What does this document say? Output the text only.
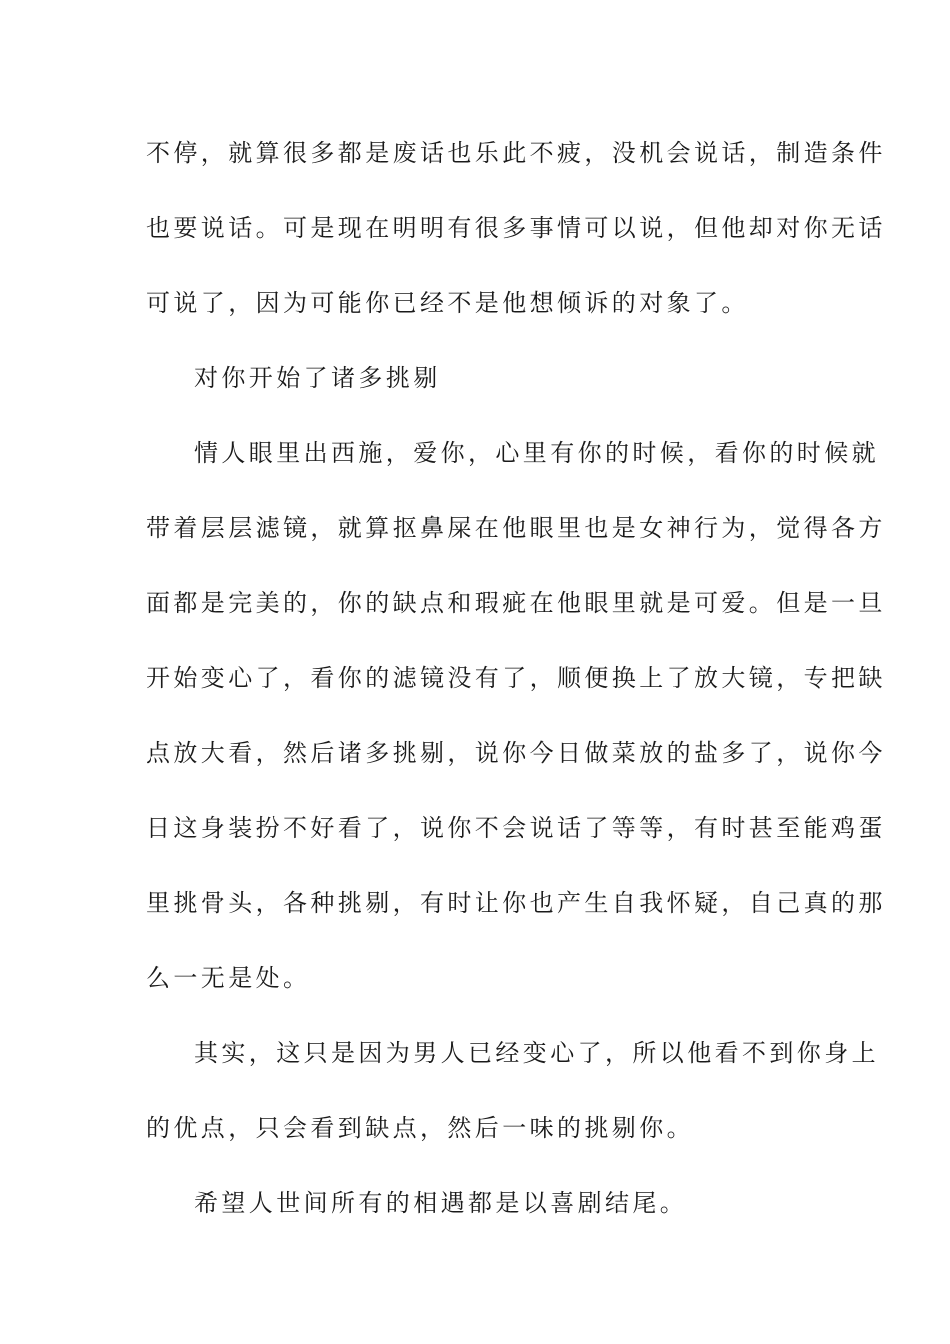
不停，就算很多都是废话也乐此不疲，没机会说话，制造条件
也要说话。可是现在明明有很多事情可以说，但他却对你无话
可说了，因为可能你已经不是他想倾诉的对象了。
对你开始了诸多挑剔
情人眼里出西施，爱你，心里有你的时候，看你的时候就
带着层层滤镜，就算抠鼻屎在他眼里也是女神行为，觉得各方
面都是完美的，你的缺点和瑕疵在他眼里就是可爱。但是一旦
开始变心了，看你的滤镜没有了，顺便换上了放大镜，专把缺
点放大看，然后诸多挑剔，说你今日做菜放的盐多了，说你今
日这身装扮不好看了，说你不会说话了等等，有时甚至能鸡蛋
里挑骨头，各种挑剔，有时让你也产生自我怀疑，自己真的那
么一无是处。
其实，这只是因为男人已经变心了，所以他看不到你身上
的优点，只会看到缺点，然后一味的挑剔你。
希望人世间所有的相遇都是以喜剧结尾。
